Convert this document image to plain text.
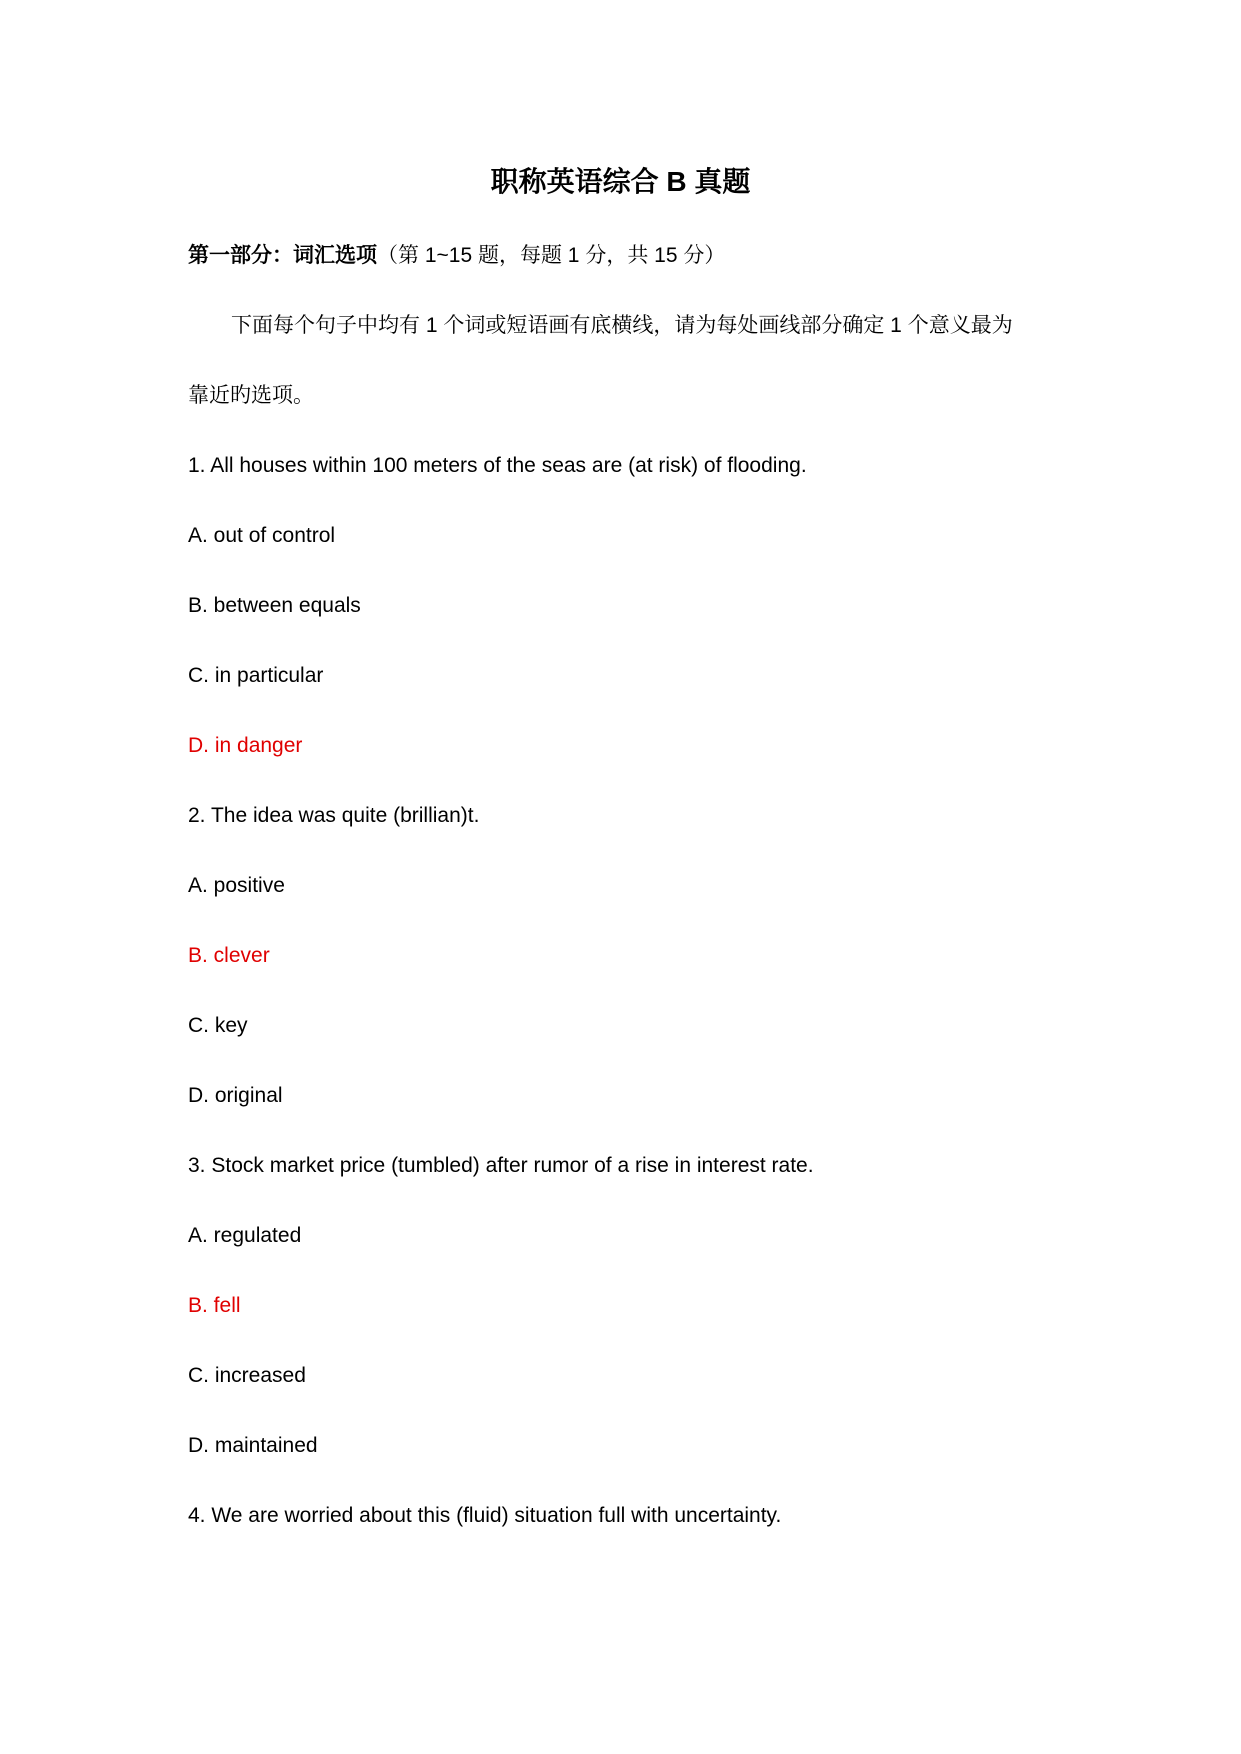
职称英语综合 B 真题
第一部分：词汇选项（第 1~15 题，每题 1 分，共 15 分）
下面每个句子中均有 1 个词或短语画有底横线，请为每处画线部分确定 1 个意义最为
靠近旳选项。
1. All houses within 100 meters of the seas are (at risk) of flooding.
A. out of control
B. between equals
C. in particular
D. in danger
2. The idea was quite (brillian)t.
A. positive
B. clever
C. key
D. original
3. Stock market price (tumbled) after rumor of a rise in interest rate.
A. regulated
B. fell
C. increased
D. maintained
4. We are worried about this (fluid) situation full with uncertainty.
